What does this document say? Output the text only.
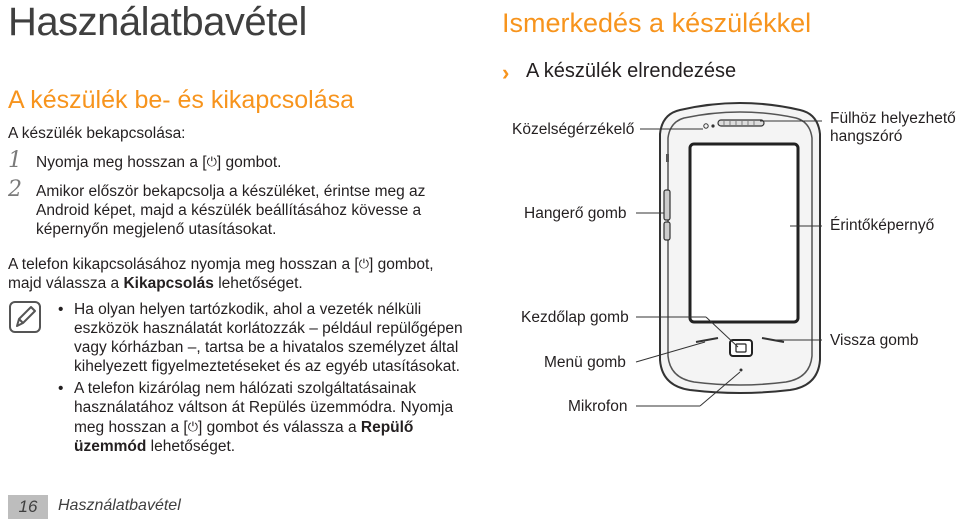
Használatbavétel
A készülék be- és kikapcsolása
A készülék bekapcsolása:
1 Nyomja meg hosszan a [⏻] gombot.
2 Amikor először bekapcsolja a készüléket, érintse meg az Android képet, majd a készülék beállításához kövesse a képernyőn megjelenő utasításokat.
A telefon kikapcsolásához nyomja meg hosszan a [⏻] gombot, majd válassza a Kikapcsolás lehetőséget.
• Ha olyan helyen tartózkodik, ahol a vezeték nélküli eszközök használatát korlátozzák – például repülőgépen vagy kórházban –, tartsa be a hivatalos személyzet által kihelyezett figyelmeztetéseket és az egyéb utasításokat.
• A telefon kizárólag nem hálózati szolgáltatásainak használatához váltson át Repülés üzemmódra. Nyomja meg hosszan a [⏻] gombot és válassza a Repülő üzemmód lehetőséget.
16	Használatbavétel
Ismerkedés a készülékkel
› A készülék elrendezése
Közelségérzékelő
Hangerő gomb
Kezdőlap gomb
Menü gomb
Mikrofon
Fülhöz helyezhető hangszóró
Érintőképernyő
Vissza gomb
